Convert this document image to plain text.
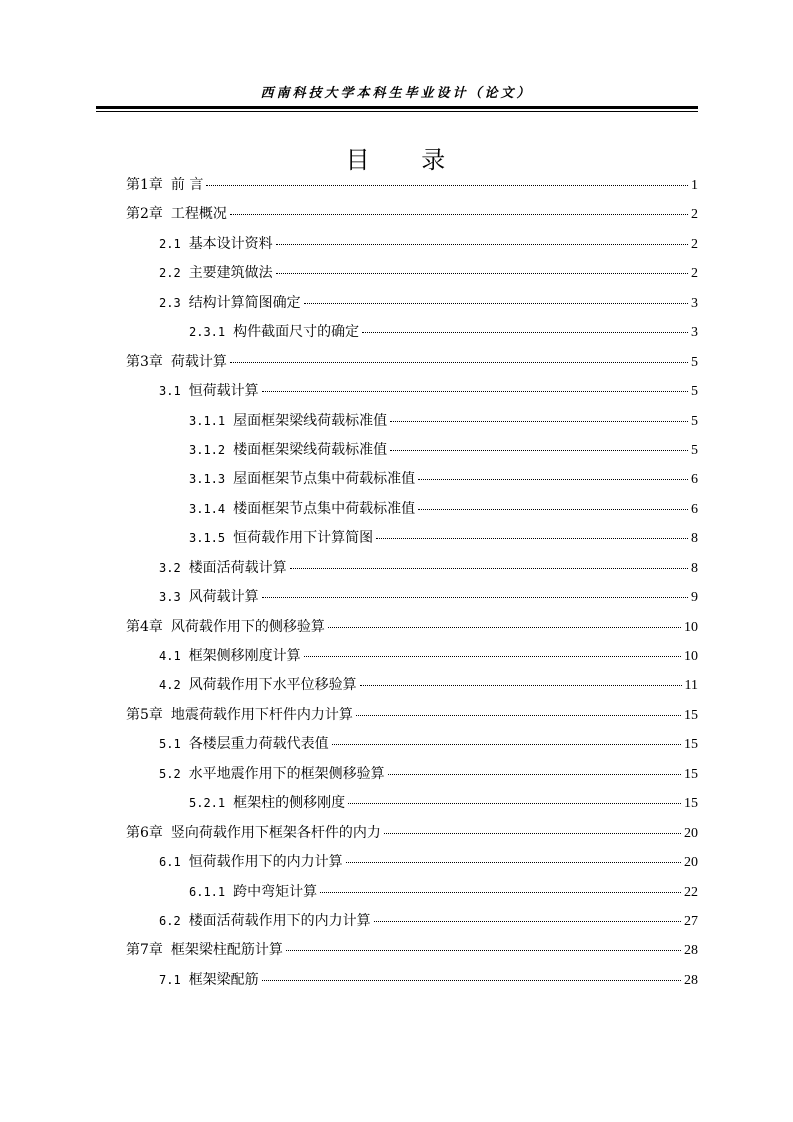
西南科技大学本科生毕业设计（论文）
目 录
第1章 前 言	1
第2章 工程概况	2
2.1 基本设计资料	2
2.2 主要建筑做法	2
2.3 结构计算简图确定	3
2.3.1 构件截面尺寸的确定	3
第3章 荷载计算	5
3.1 恒荷载计算	5
3.1.1 屋面框架梁线荷载标准值	5
3.1.2 楼面框架梁线荷载标准值	5
3.1.3 屋面框架节点集中荷载标准值	6
3.1.4 楼面框架节点集中荷载标准值	6
3.1.5 恒荷载作用下计算简图	8
3.2 楼面活荷载计算	8
3.3 风荷载计算	9
第4章 风荷载作用下的侧移验算	10
4.1 框架侧移刚度计算	10
4.2 风荷载作用下水平位移验算	11
第5章 地震荷载作用下杆件内力计算	15
5.1 各楼层重力荷载代表值	15
5.2 水平地震作用下的框架侧移验算	15
5.2.1 框架柱的侧移刚度	15
第6章 竖向荷载作用下框架各杆件的内力	20
6.1 恒荷载作用下的内力计算	20
6.1.1 跨中弯矩计算	22
6.2 楼面活荷载作用下的内力计算	27
第7章 框架梁柱配筋计算	28
7.1 框架梁配筋	28
